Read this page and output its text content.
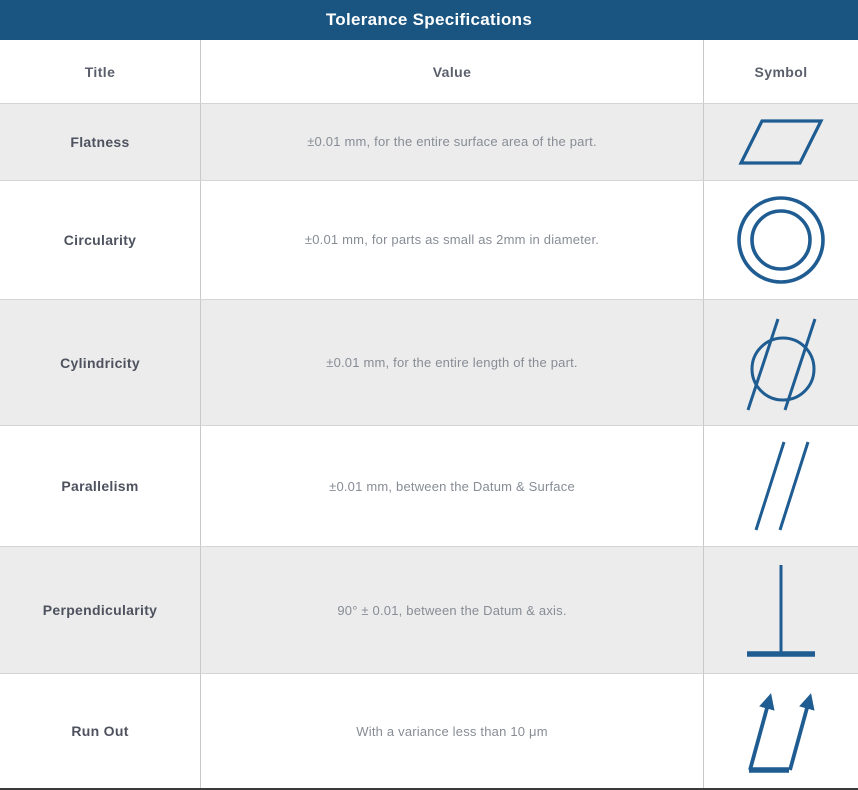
Tolerance Specifications
Title	Value	Symbol
Flatness	±0.01 mm, for the entire surface area of the part.
Circularity	±0.01 mm, for parts as small as 2mm in diameter.
Cylindricity	±0.01 mm, for the entire length of the part.
Parallelism	±0.01 mm, between the Datum & Surface
Perpendicularity	90° ± 0.01, between the Datum & axis.
Run Out	With a variance less than 10 μm
